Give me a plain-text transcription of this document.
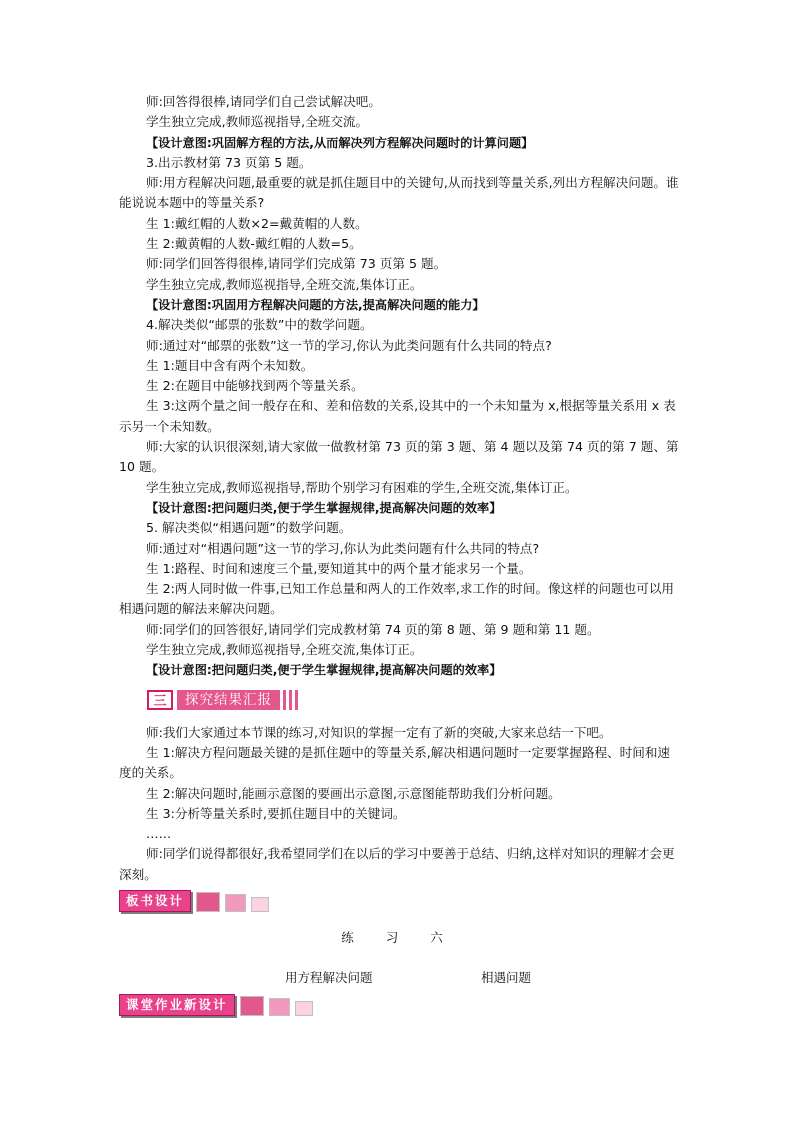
师:回答得很棒,请同学们自己尝试解决吧。

学生独立完成,教师巡视指导,全班交流。

【设计意图:巩固解方程的方法,从而解决列方程解决问题时的计算问题】

3.出示教材第 73 页第 5 题。

师:用方程解决问题,最重要的就是抓住题目中的关键句,从而找到等量关系,列出方程解决问题。谁能说说本题中的等量关系?

生 1:戴红帽的人数×2=戴黄帽的人数。

生 2:戴黄帽的人数-戴红帽的人数=5。

师:同学们回答得很棒,请同学们完成第 73 页第 5 题。

学生独立完成,教师巡视指导,全班交流,集体订正。

【设计意图:巩固用方程解决问题的方法,提高解决问题的能力】

4.解决类似“邮票的张数”中的数学问题。

师:通过对“邮票的张数”这一节的学习,你认为此类问题有什么共同的特点?

生 1:题目中含有两个未知数。

生 2:在题目中能够找到两个等量关系。

生 3:这两个量之间一般存在和、差和倍数的关系,设其中的一个未知量为 x,根据等量关系用 x 表示另一个未知数。

师:大家的认识很深刻,请大家做一做教材第 73 页的第 3 题、第 4 题以及第 74 页的第 7 题、第 10 题。

学生独立完成,教师巡视指导,帮助个别学习有困难的学生,全班交流,集体订正。

【设计意图:把问题归类,便于学生掌握规律,提高解决问题的效率】

5. 解决类似“相遇问题”的数学问题。

师:通过对“相遇问题”这一节的学习,你认为此类问题有什么共同的特点?

生 1:路程、时间和速度三个量,要知道其中的两个量才能求另一个量。

生 2:两人同时做一件事,已知工作总量和两人的工作效率,求工作的时间。像这样的问题也可以用相遇问题的解法来解决问题。

师:同学们的回答很好,请同学们完成教材第 74 页的第 8 题、第 9 题和第 11 题。

学生独立完成,教师巡视指导,全班交流,集体订正。

【设计意图:把问题归类,便于学生掌握规律,提高解决问题的效率】

三	探究结果汇报

师:我们大家通过本节课的练习,对知识的掌握一定有了新的突破,大家来总结一下吧。

生 1:解决方程问题最关键的是抓住题中的等量关系,解决相遇问题时一定要掌握路程、时间和速度的关系。

生 2:解决问题时,能画示意图的要画出示意图,示意图能帮助我们分析问题。

生 3:分析等量关系时,要抓住题目中的关键词。

……

师:同学们说得都很好,我希望同学们在以后的学习中要善于总结、归纳,这样对知识的理解才会更深刻。

板书设计
练 习 六
用方程解决问题	相遇问题
课堂作业新设计
